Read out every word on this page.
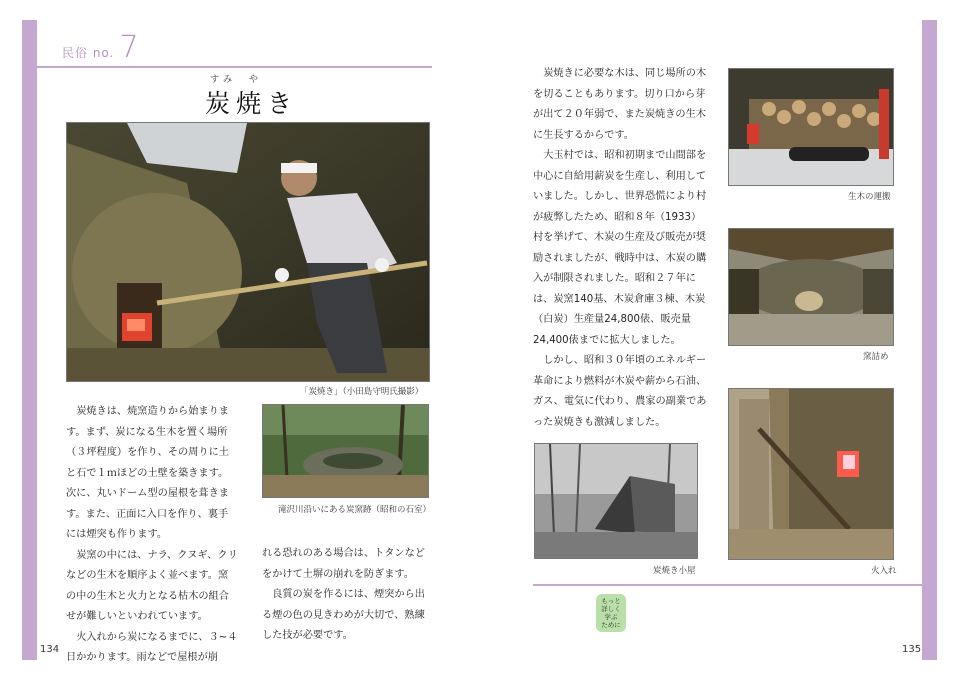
民俗 no. 7
すみ　や
炭焼き
「炭焼き」（小田島守明氏撮影）

炭焼きは、焼窯造りから始まります。まず、炭になる生木を置く場所（３坪程度）を作り、その周りに土と石で１ｍほどの土壁を築きます。次に、丸いドーム型の屋根を葺きます。また、正面に入口を作り、裏手には煙突も作ります。

炭窯の中には、ナラ、クヌギ、クリなどの生木を順序よく並べます。窯の中の生木と火力となる枯木の組合せが難しいといわれています。

火入れから炭になるまでに、３~４日かかります。雨などで屋根が崩

滝沢川沿いにある炭窯跡（昭和の石室）

れる恐れのある場合は、トタンなどをかけて土塀の崩れを防ぎます。

良質の炭を作るには、煙突から出る煙の色の見きわめが大切で、熟練した技が必要です。

炭焼きに必要な木は、同じ場所の木を切ることもあります。切り口から芽が出て２０年弱で、また炭焼きの生木に生長するからです。

大玉村では、昭和初期まで山間部を中心に自給用薪炭を生産し、利用していました。しかし、世界恐慌により村が疲弊したため、昭和８年（1933）村を挙げて、木炭の生産及び販売が奨励されましたが、戦時中は、木炭の購入が制限されました。昭和２７年には、炭窯140基、木炭倉庫３棟、木炭（白炭）生産量24,800俵、販売量24,400俵までに拡大しました。

しかし、昭和３０年頃のエネルギー革命により燃料が木炭や薪から石油、ガス、電気に代わり、農家の副業であった炭焼きも激減しました。

炭焼き小屋
生木の運搬
窯詰め
火入れ
もっと
詳しく
学ぶ
ために
134	135
